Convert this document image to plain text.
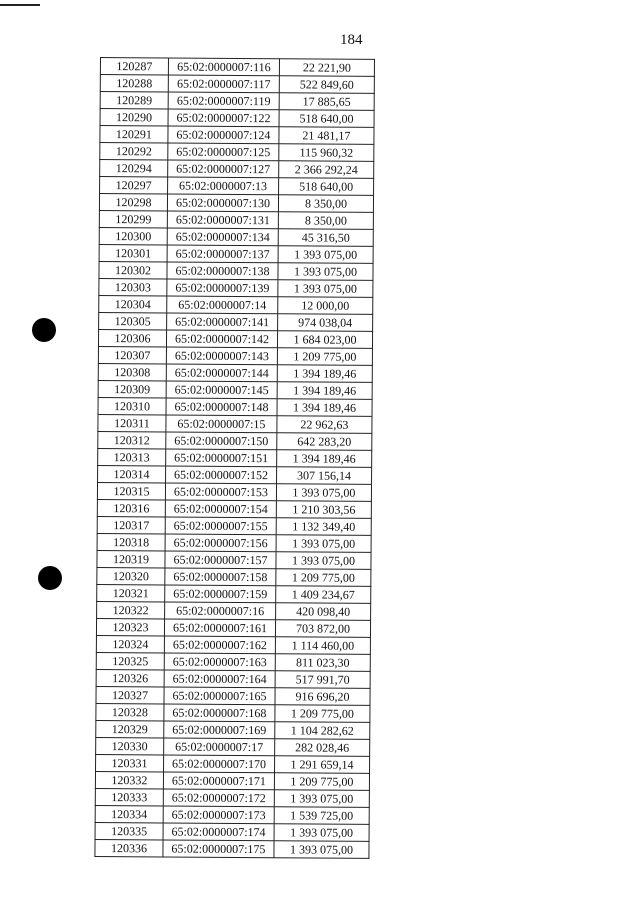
184
120287	65:02:0000007:116	22 221,90
120288	65:02:0000007:117	522 849,60
120289	65:02:0000007:119	17 885,65
120290	65:02:0000007:122	518 640,00
120291	65:02:0000007:124	21 481,17
120292	65:02:0000007:125	115 960,32
120294	65:02:0000007:127	2 366 292,24
120297	65:02:0000007:13	518 640,00
120298	65:02:0000007:130	8 350,00
120299	65:02:0000007:131	8 350,00
120300	65:02:0000007:134	45 316,50
120301	65:02:0000007:137	1 393 075,00
120302	65:02:0000007:138	1 393 075,00
120303	65:02:0000007:139	1 393 075,00
120304	65:02:0000007:14	12 000,00
120305	65:02:0000007:141	974 038,04
120306	65:02:0000007:142	1 684 023,00
120307	65:02:0000007:143	1 209 775,00
120308	65:02:0000007:144	1 394 189,46
120309	65:02:0000007:145	1 394 189,46
120310	65:02:0000007:148	1 394 189,46
120311	65:02:0000007:15	22 962,63
120312	65:02:0000007:150	642 283,20
120313	65:02:0000007:151	1 394 189,46
120314	65:02:0000007:152	307 156,14
120315	65:02:0000007:153	1 393 075,00
120316	65:02:0000007:154	1 210 303,56
120317	65:02:0000007:155	1 132 349,40
120318	65:02:0000007:156	1 393 075,00
120319	65:02:0000007:157	1 393 075,00
120320	65:02:0000007:158	1 209 775,00
120321	65:02:0000007:159	1 409 234,67
120322	65:02:0000007:16	420 098,40
120323	65:02:0000007:161	703 872,00
120324	65:02:0000007:162	1 114 460,00
120325	65:02:0000007:163	811 023,30
120326	65:02:0000007:164	517 991,70
120327	65:02:0000007:165	916 696,20
120328	65:02:0000007:168	1 209 775,00
120329	65:02:0000007:169	1 104 282,62
120330	65:02:0000007:17	282 028,46
120331	65:02:0000007:170	1 291 659,14
120332	65:02:0000007:171	1 209 775,00
120333	65:02:0000007:172	1 393 075,00
120334	65:02:0000007:173	1 539 725,00
120335	65:02:0000007:174	1 393 075,00
120336	65:02:0000007:175	1 393 075,00
